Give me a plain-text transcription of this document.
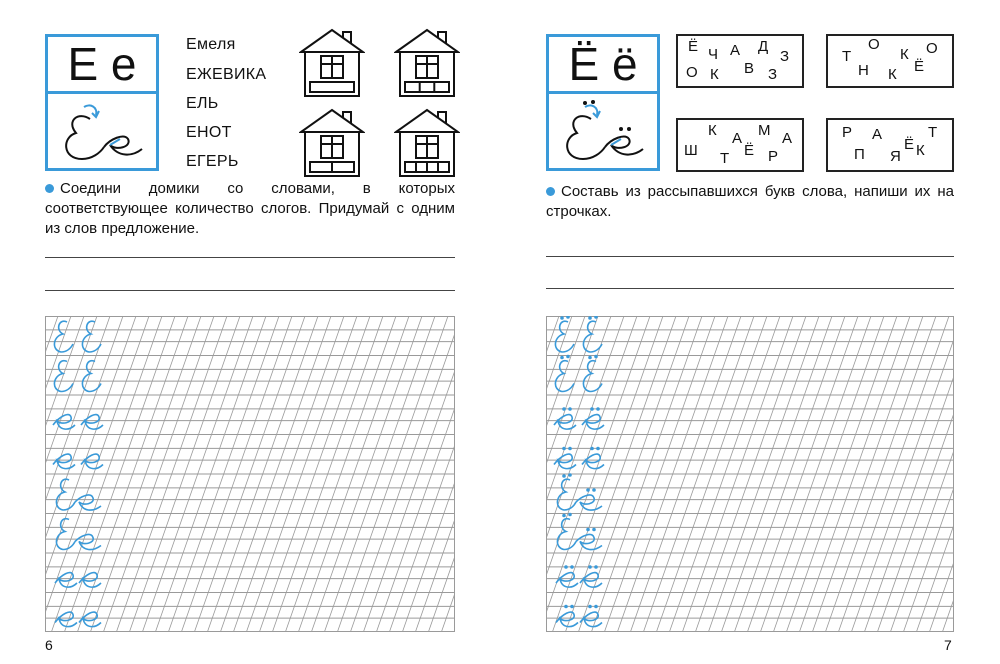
Е е	Емеля
ЕЖЕВИКА
ЕЛЬ
ЕНОТ
ЕГЕРЬ
Соедини домики со словами, в которых соответствующее количество слогов. Придумай с одним из слов предложение.
6
Ё ё	Ё Ч А Д
З
О К В З
Т
О
К О
Н К Ё
К А М А
Ш Т Ё Р
Р А	Т
Ё
П Я К
Составь из рассыпавшихся букв слова, напиши их на строчках.
7
